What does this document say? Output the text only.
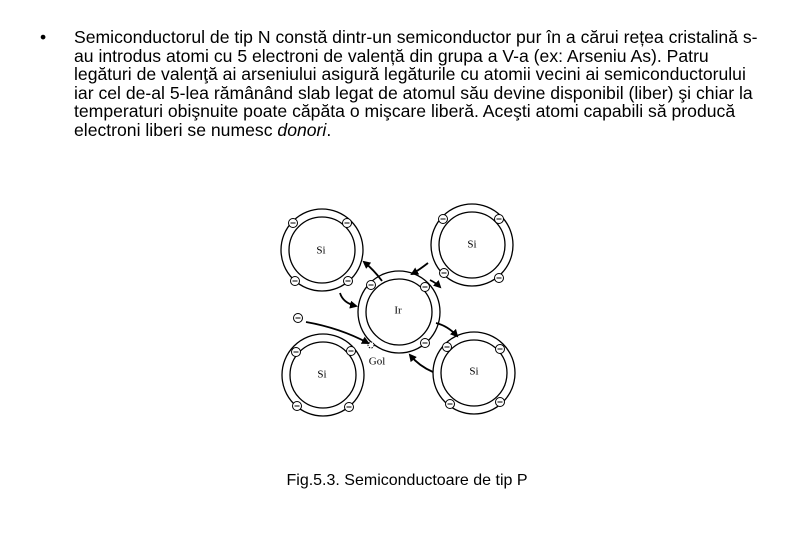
• Semiconductorul de tip N constă dintr-un semiconductor pur în a cărui rețea cristalină s-au introdus atomi cu 5 electroni de valență din grupa a V-a (ex: Arseniu As). Patru legături de valenţă ai arseniului asigură legăturile cu atomii vecini ai semiconductorului iar cel de-al 5-lea rămânând slab legat de atomul său devine disponibil (liber) şi chiar la temperaturi obişnuite poate căpăta o mişcare liberă. Aceşti atomi capabili să producă electroni liberi se numesc donori.
Si	Si
Ir
Gol
Si	Si
Fig.5.3. Semiconductoare de tip P
